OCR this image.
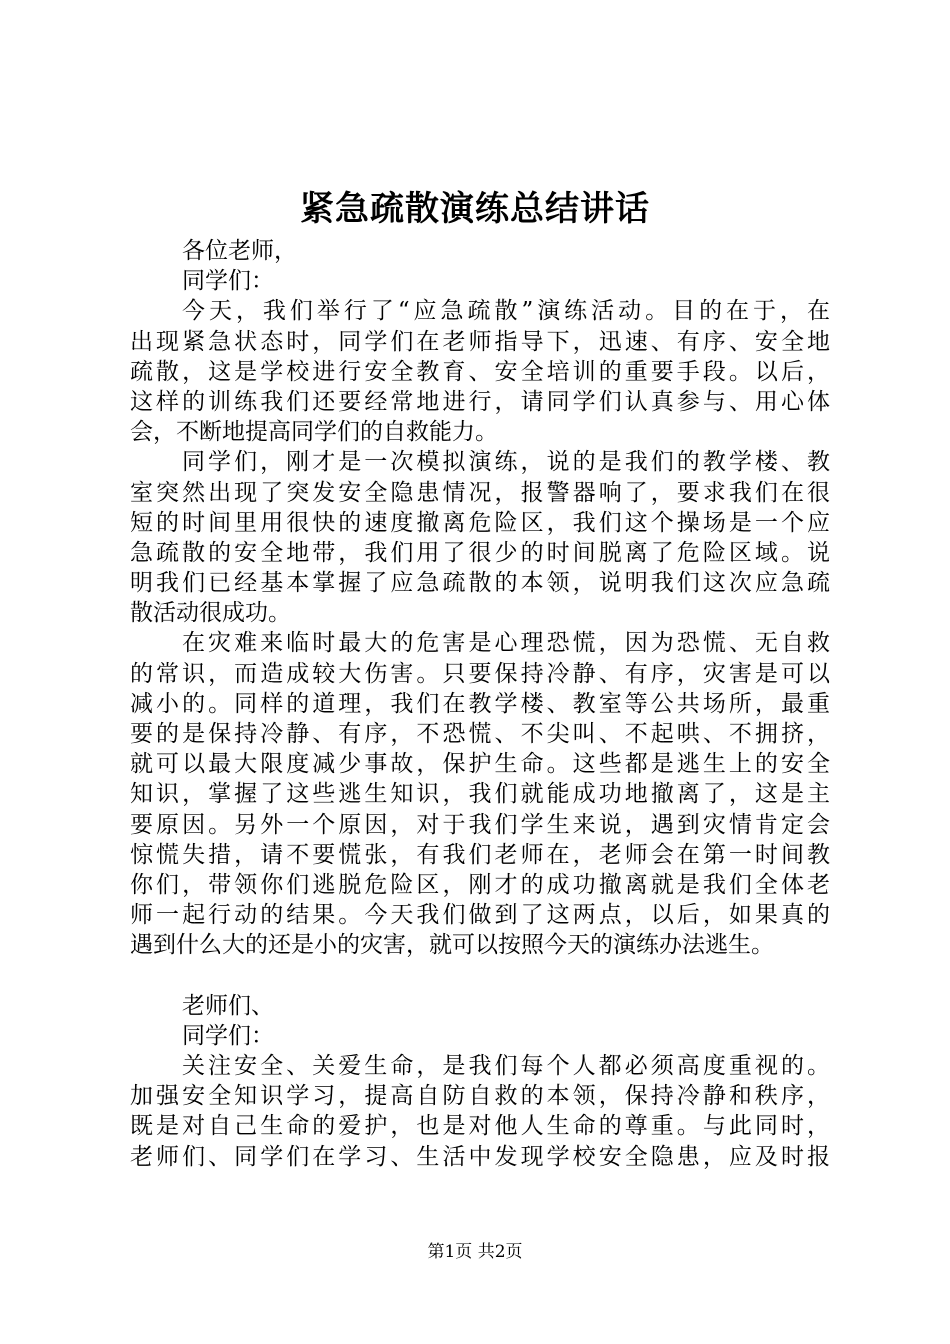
紧急疏散演练总结讲话
各位老师，
同学们：
今天，我们举行了“应急疏散”演练活动。目的在于，在
出现紧急状态时，同学们在老师指导下，迅速、有序、安全地
疏散，这是学校进行安全教育、安全培训的重要手段。以后，
这样的训练我们还要经常地进行，请同学们认真参与、用心体
会，不断地提高同学们的自救能力。
同学们，刚才是一次模拟演练，说的是我们的教学楼、教
室突然出现了突发安全隐患情况，报警器响了，要求我们在很
短的时间里用很快的速度撤离危险区，我们这个操场是一个应
急疏散的安全地带，我们用了很少的时间脱离了危险区域。说
明我们已经基本掌握了应急疏散的本领，说明我们这次应急疏
散活动很成功。
在灾难来临时最大的危害是心理恐慌，因为恐慌、无自救
的常识，而造成较大伤害。只要保持冷静、有序，灾害是可以
减小的。同样的道理，我们在教学楼、教室等公共场所，最重
要的是保持冷静、有序，不恐慌、不尖叫、不起哄、不拥挤，
就可以最大限度减少事故，保护生命。这些都是逃生上的安全
知识，掌握了这些逃生知识，我们就能成功地撤离了，这是主
要原因。另外一个原因，对于我们学生来说，遇到灾情肯定会
惊慌失措，请不要慌张，有我们老师在，老师会在第一时间教
你们，带领你们逃脱危险区，刚才的成功撤离就是我们全体老
师一起行动的结果。今天我们做到了这两点，以后，如果真的
遇到什么大的还是小的灾害，就可以按照今天的演练办法逃生。
老师们、
同学们：
关注安全、关爱生命，是我们每个人都必须高度重视的。
加强安全知识学习，提高自防自救的本领，保持冷静和秩序，
既是对自己生命的爱护，也是对他人生命的尊重。与此同时，
老师们、同学们在学习、生活中发现学校安全隐患，应及时报
第1页 共2页
